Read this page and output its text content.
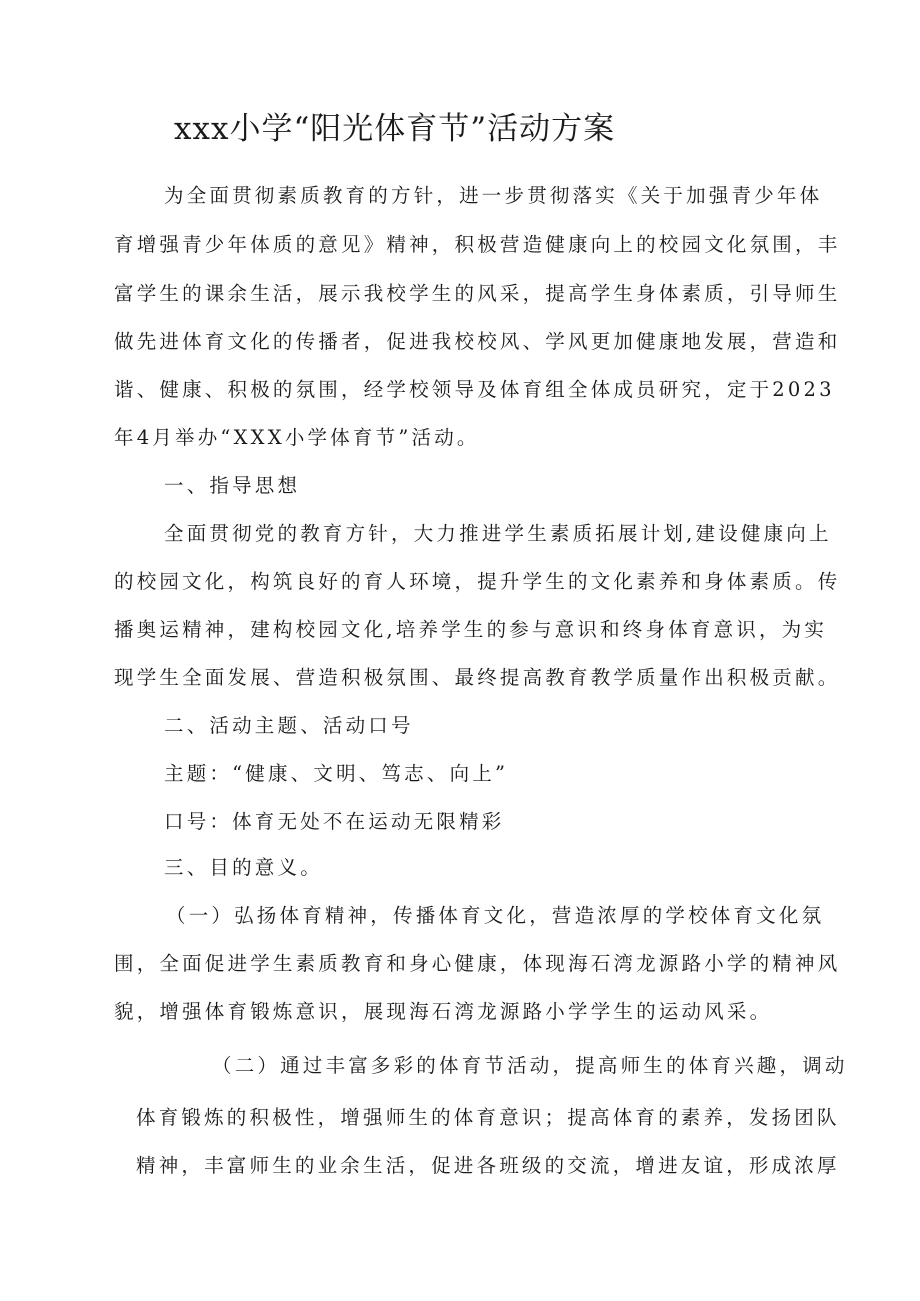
xxx小学“阳光体育节”活动方案
为全面贯彻素质教育的方针，进一步贯彻落实《关于加强青少年体
育增强青少年体质的意见》精神，积极营造健康向上的校园文化氛围，丰
富学生的课余生活，展示我校学生的风采，提高学生身体素质，引导师生
做先进体育文化的传播者，促进我校校风、学风更加健康地发展，营造和
谐、健康、积极的氛围，经学校领导及体育组全体成员研究，定于2023
年4月举办“XXX小学体育节”活动。
一、指导思想
全面贯彻党的教育方针，大力推进学生素质拓展计划,建设健康向上
的校园文化，构筑良好的育人环境，提升学生的文化素养和身体素质。传
播奥运精神，建构校园文化,培养学生的参与意识和终身体育意识，为实
现学生全面发展、营造积极氛围、最终提高教育教学质量作出积极贡献。
二、活动主题、活动口号
主题：“健康、文明、笃志、向上”
口号：体育无处不在运动无限精彩
三、目的意义。
（一）弘扬体育精神，传播体育文化，营造浓厚的学校体育文化氛
围，全面促进学生素质教育和身心健康，体现海石湾龙源路小学的精神风
貌，增强体育锻炼意识，展现海石湾龙源路小学学生的运动风采。
（二）通过丰富多彩的体育节活动，提高师生的体育兴趣，调动
体育锻炼的积极性，增强师生的体育意识；提高体育的素养，发扬团队
精神，丰富师生的业余生活，促进各班级的交流，增进友谊，形成浓厚
